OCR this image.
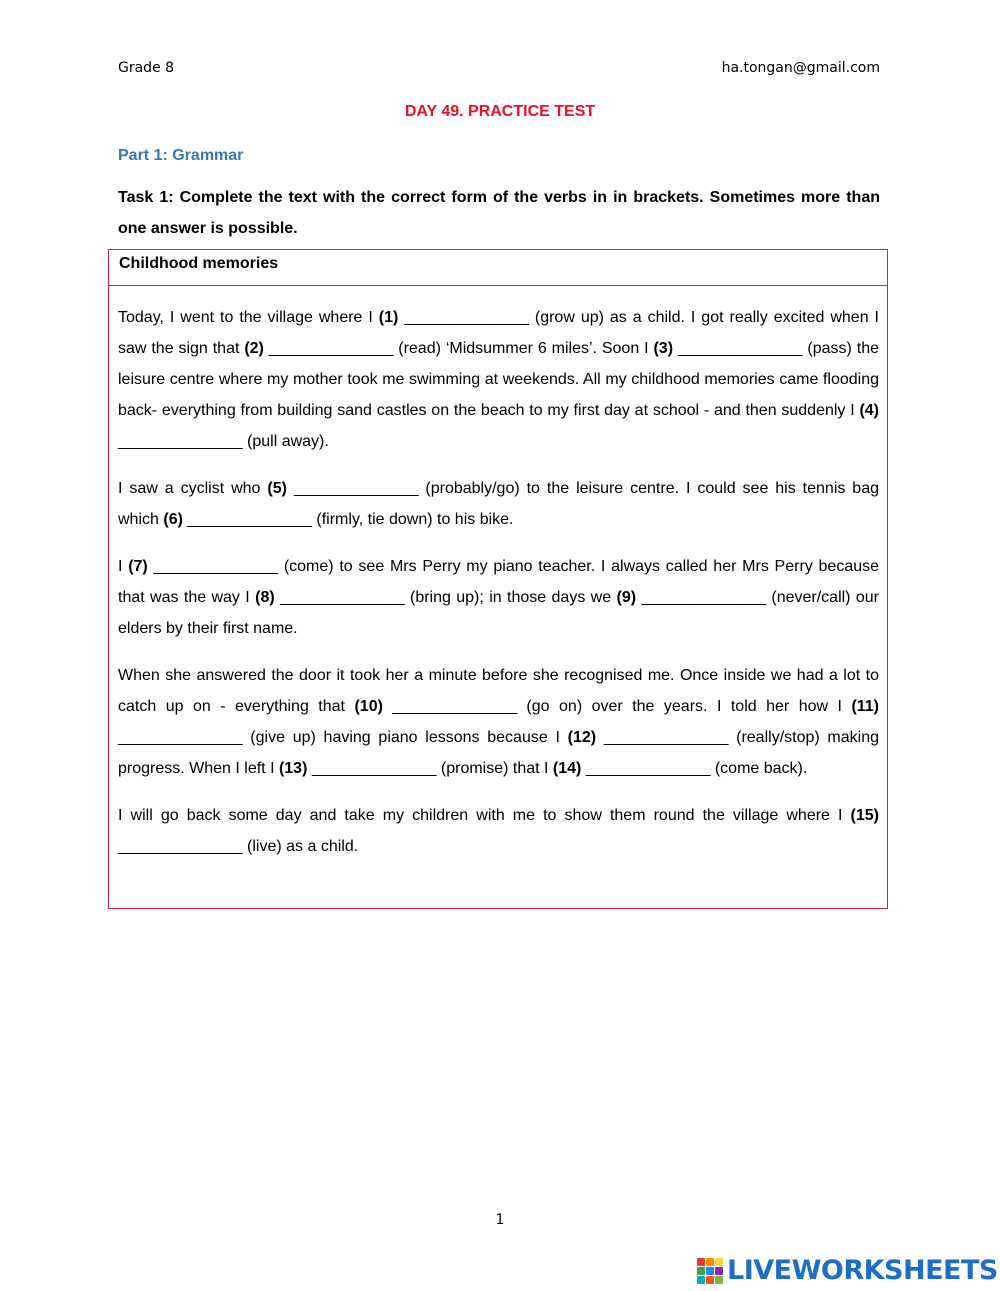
Grade 8	ha.tongan@gmail.com
DAY 49. PRACTICE TEST
Part 1: Grammar
Task 1: Complete the text with the correct form of the verbs in in brackets. Sometimes more than one answer is possible.
Childhood memories

Today, I went to the village where I (1) ______________ (grow up) as a child. I got really excited when I saw the sign that (2) ______________ (read) ‘Midsummer 6 miles’. Soon I (3) ______________ (pass) the leisure centre where my mother took me swimming at weekends. All my childhood memories came flooding back- everything from building sand castles on the beach to my first day at school - and then suddenly I (4) ______________ (pull away).

I saw a cyclist who (5) ______________ (probably/go) to the leisure centre. I could see his tennis bag which (6) ______________ (firmly, tie down) to his bike.

I (7) ______________ (come) to see Mrs Perry my piano teacher. I always called her Mrs Perry because that was the way I (8) ______________ (bring up); in those days we (9) ______________ (never/call) our elders by their first name.

When she answered the door it took her a minute before she recognised me. Once inside we had a lot to catch up on - everything that (10) ______________ (go on) over the years. I told her how I (11) ______________ (give up) having piano lessons because I (12) ______________ (really/stop) making progress. When I left I (13) ______________ (promise) that I (14) ______________ (come back).

I will go back some day and take my children with me to show them round the village where I (15) ______________ (live) as a child.

1
LIVEWORKSHEETS
